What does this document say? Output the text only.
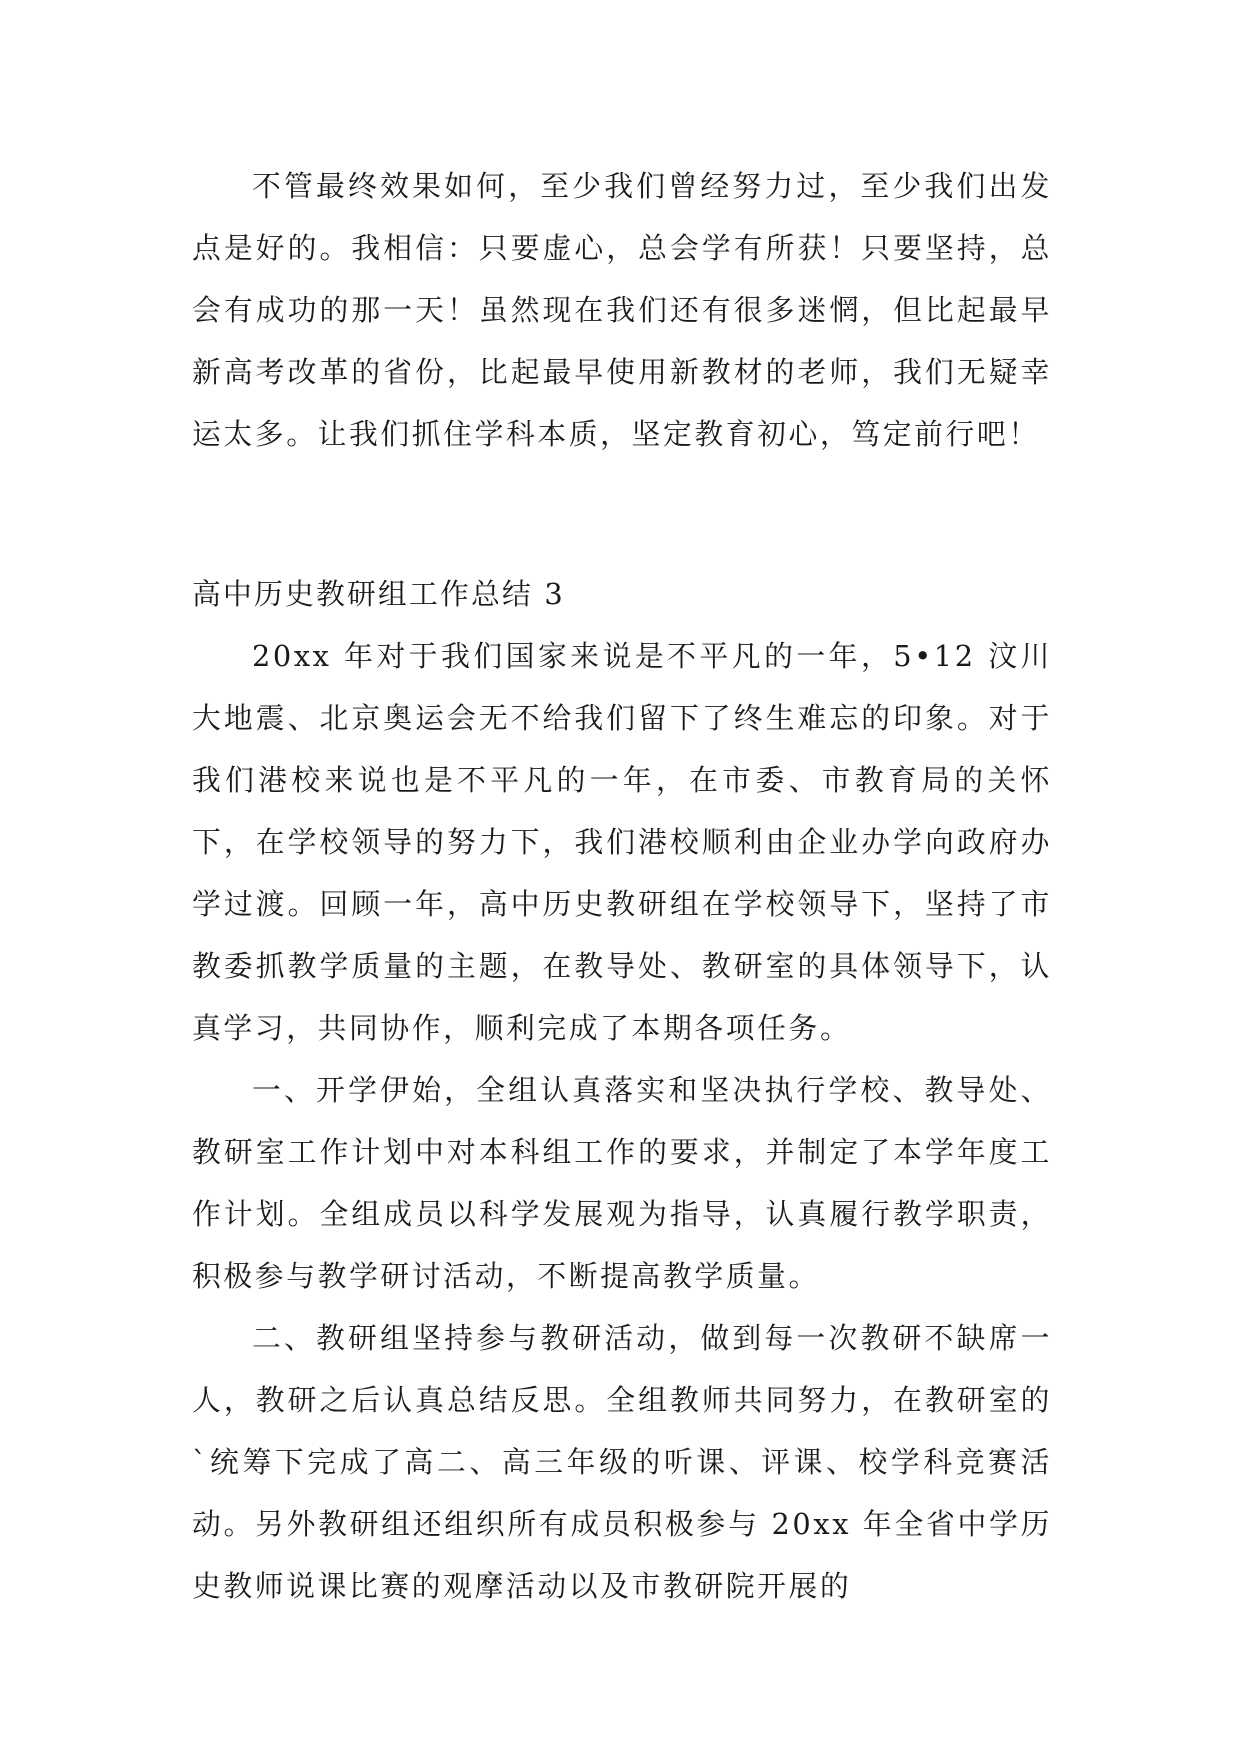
不管最终效果如何，至少我们曾经努力过，至少我们出发点是好的。我相信：只要虚心，总会学有所获！只要坚持，总会有成功的那一天！虽然现在我们还有很多迷惘，但比起最早新高考改革的省份，比起最早使用新教材的老师，我们无疑幸运太多。让我们抓住学科本质，坚定教育初心，笃定前行吧！

高中历史教研组工作总结 3

20xx 年对于我们国家来说是不平凡的一年，5•12 汶川大地震、北京奥运会无不给我们留下了终生难忘的印象。对于我们港校来说也是不平凡的一年，在市委、市教育局的关怀下，在学校领导的努力下，我们港校顺利由企业办学向政府办学过渡。回顾一年，高中历史教研组在学校领导下，坚持了市教委抓教学质量的主题，在教导处、教研室的具体领导下，认真学习，共同协作，顺利完成了本期各项任务。

一、开学伊始，全组认真落实和坚决执行学校、教导处、教研室工作计划中对本科组工作的要求，并制定了本学年度工作计划。全组成员以科学发展观为指导，认真履行教学职责，积极参与教学研讨活动，不断提高教学质量。

二、教研组坚持参与教研活动，做到每一次教研不缺席一人，教研之后认真总结反思。全组教师共同努力，在教研室的`统筹下完成了高二、高三年级的听课、评课、校学科竞赛活动。另外教研组还组织所有成员积极参与 20xx 年全省中学历史教师说课比赛的观摩活动以及市教研院开展的
